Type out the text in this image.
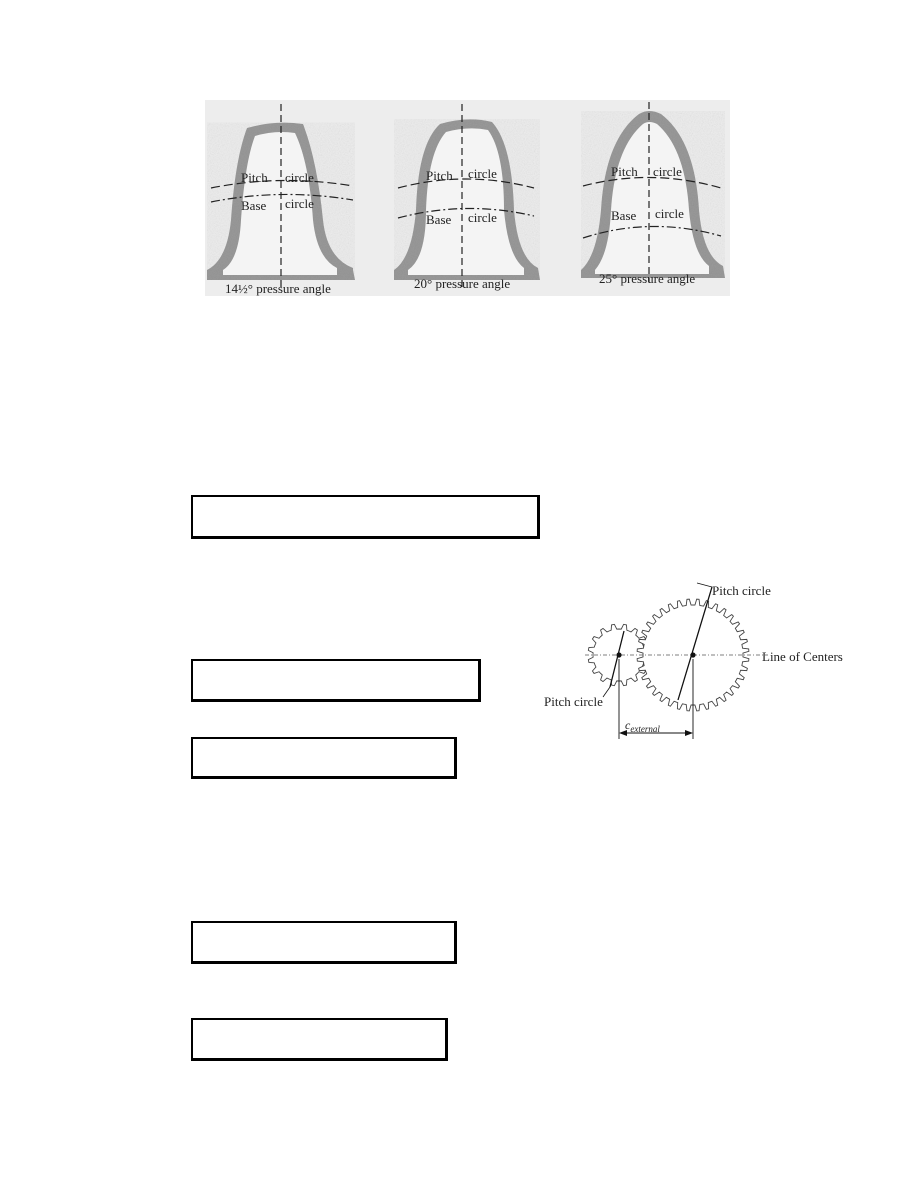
Pitch circle
Base circle
14½° pressure angle
Pitch circle
Base circle
20° pressure angle
Pitch circle
Base circle
25° pressure angle
Pitch circle
Pitch circle
Line of Centers
$c_{external}$
